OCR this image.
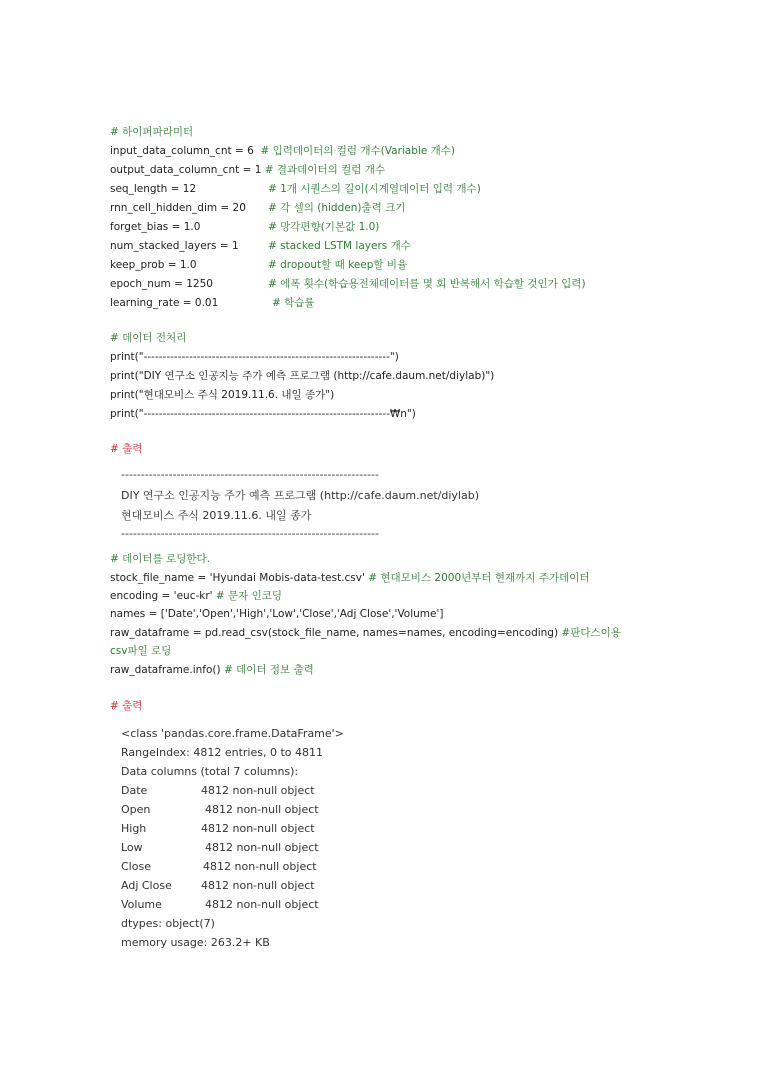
# 하이퍼파라미터
input_data_column_cnt = 6  # 입력데이터의 컬럼 개수(Variable 개수)
output_data_column_cnt = 1 # 결과데이터의 컬럼 개수
seq_length = 12	# 1개 시퀀스의 길이(시계열데이터 입력 개수)
rnn_cell_hidden_dim = 20 # 각 셀의 (hidden)출력 크기
forget_bias = 1.0	# 망각편향(기본값 1.0)
num_stacked_layers = 1	# stacked LSTM layers 개수
keep_prob = 1.0	# dropout할 때 keep할 비율
epoch_num = 1250	# 에폭 횟수(학습용전체데이터를 몇 회 반복해서 학습할 것인가 입력)
learning_rate = 0.01	# 학습률
# 데이터 전처리
print("-----------------------------------------------------------------")
print("DIY 연구소 인공지능 주가 예측 프로그램 (http://cafe.daum.net/diylab)")
print("현대모비스 주식 2019.11.6. 내일 종가")
print("-----------------------------------------------------------------₩n")
# 출력
-----------------------------------------------------------------
DIY 연구소 인공지능 주가 예측 프로그램 (http://cafe.daum.net/diylab)
현대모비스 주식 2019.11.6. 내일 종가
-----------------------------------------------------------------
# 데이터를 로딩한다.
stock_file_name = 'Hyundai Mobis-data-test.csv' # 현대모비스 2000년부터 현재까지 주가데이터
encoding = 'euc-kr' # 문자 인코딩
names = ['Date','Open','High','Low','Close','Adj Close','Volume']
raw_dataframe = pd.read_csv(stock_file_name, names=names, encoding=encoding) #판다스이용
csv파일 로딩
raw_dataframe.info() # 데이터 정보 출력
# 출력
<class 'pandas.core.frame.DataFrame'>
RangeIndex: 4812 entries, 0 to 4811
Data columns (total 7 columns):
Date	4812 non-null object
Open	4812 non-null object
High	4812 non-null object
Low	4812 non-null object
Close	4812 non-null object
Adj Close	4812 non-null object
Volume	4812 non-null object
dtypes: object(7)
memory usage: 263.2+ KB
